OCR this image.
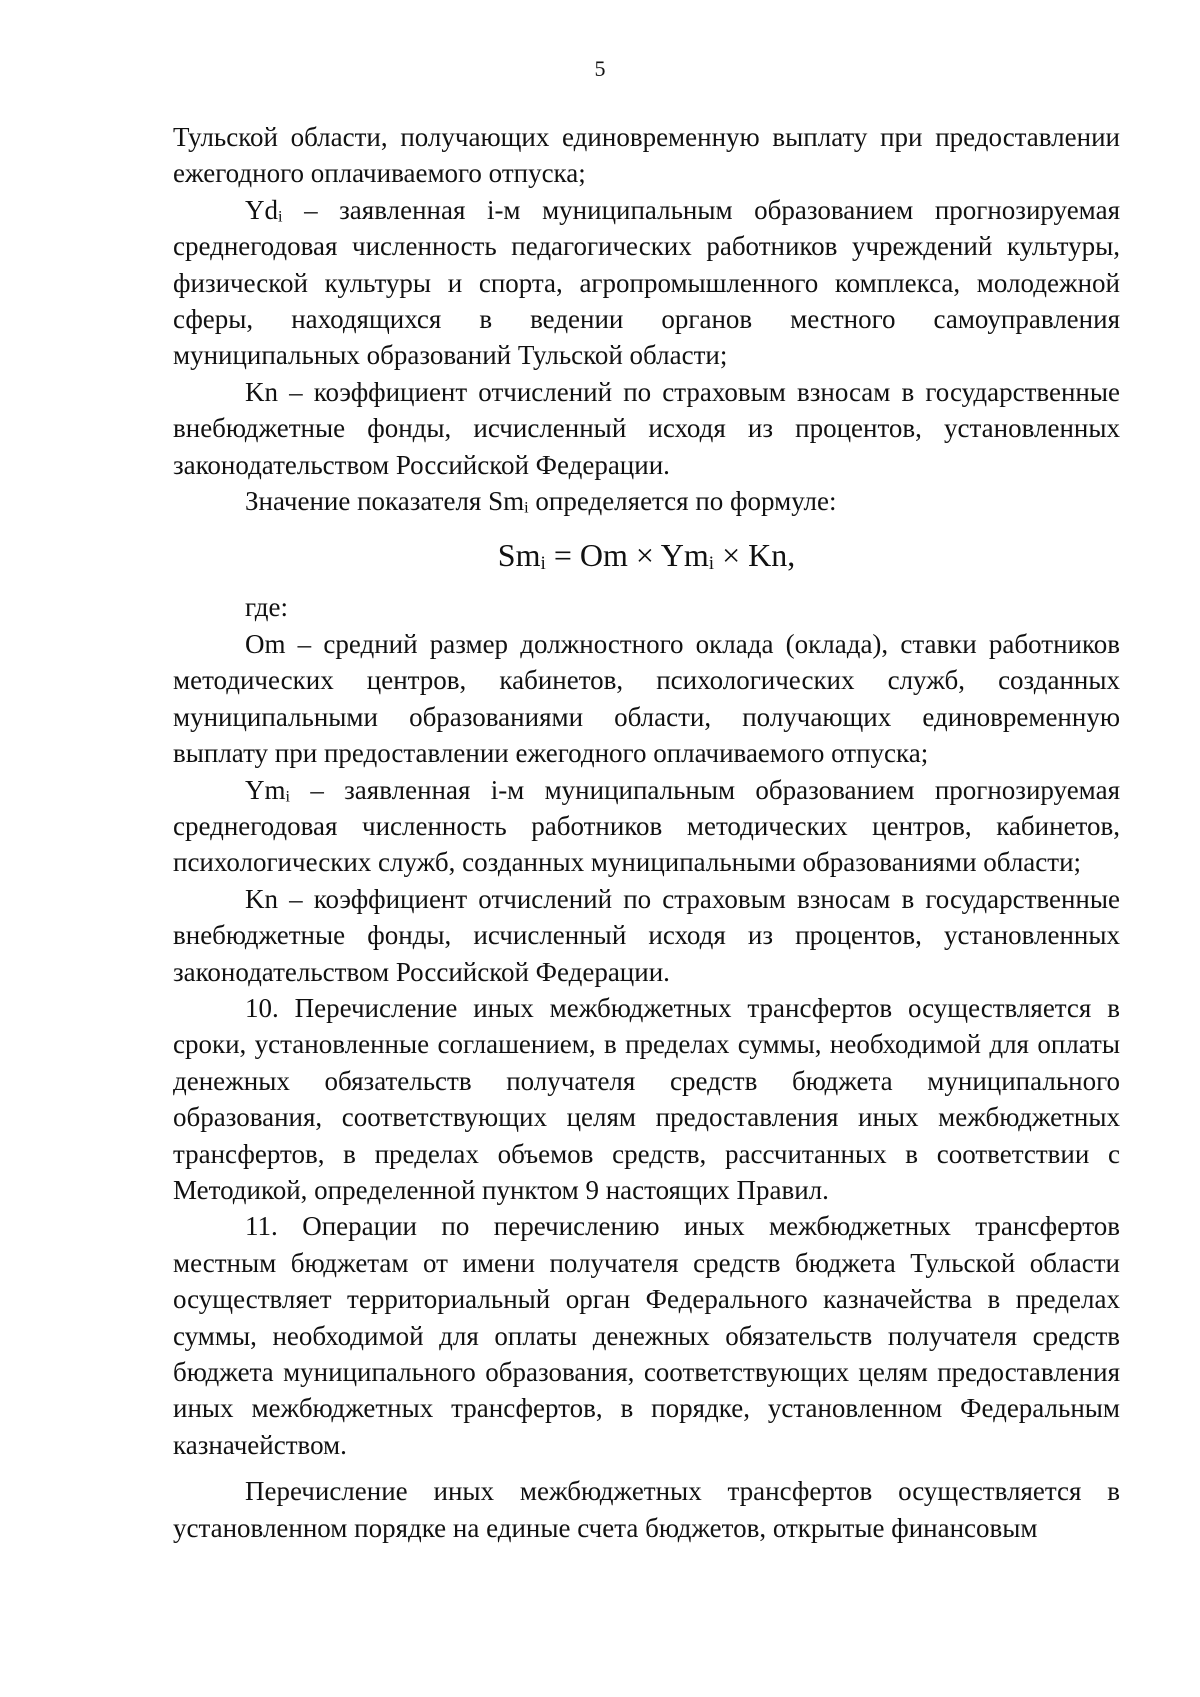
5

Тульской области, получающих единовременную выплату при предоставлении ежегодного оплачиваемого отпуска;

$Yd_i$ – заявленная i-м муниципальным образованием прогнозируемая среднегодовая численность педагогических работников учреждений культуры, физической культуры и спорта, агропромышленного комплекса, молодежной сферы, находящихся в ведении органов местного самоуправления муниципальных образований Тульской области;

Kn – коэффициент отчислений по страховым взносам в государственные внебюджетные фонды, исчисленный исходя из процентов, установленных законодательством Российской Федерации.

Значение показателя $Sm_i$ определяется по формуле:

$Sm_i = Om \times Ym_i \times Kn$,

где:

Om – средний размер должностного оклада (оклада), ставки работников методических центров, кабинетов, психологических служб, созданных муниципальными образованиями области, получающих единовременную выплату при предоставлении ежегодного оплачиваемого отпуска;

$Ym_i$ – заявленная i-м муниципальным образованием прогнозируемая среднегодовая численность работников методических центров, кабинетов, психологических служб, созданных муниципальными образованиями области;

Kn – коэффициент отчислений по страховым взносам в государственные внебюджетные фонды, исчисленный исходя из процентов, установленных законодательством Российской Федерации.

10. Перечисление иных межбюджетных трансфертов осуществляется в сроки, установленные соглашением, в пределах суммы, необходимой для оплаты денежных обязательств получателя средств бюджета муниципального образования, соответствующих целям предоставления иных межбюджетных трансфертов, в пределах объемов средств, рассчитанных в соответствии с Методикой, определенной пунктом 9 настоящих Правил.

11. Операции по перечислению иных межбюджетных трансфертов местным бюджетам от имени получателя средств бюджета Тульской области осуществляет территориальный орган Федерального казначейства в пределах суммы, необходимой для оплаты денежных обязательств получателя средств бюджета муниципального образования, соответствующих целям предоставления иных межбюджетных трансфертов, в порядке, установленном Федеральным казначейством.

Перечисление иных межбюджетных трансфертов осуществляется в установленном порядке на единые счета бюджетов, открытые финансовым
